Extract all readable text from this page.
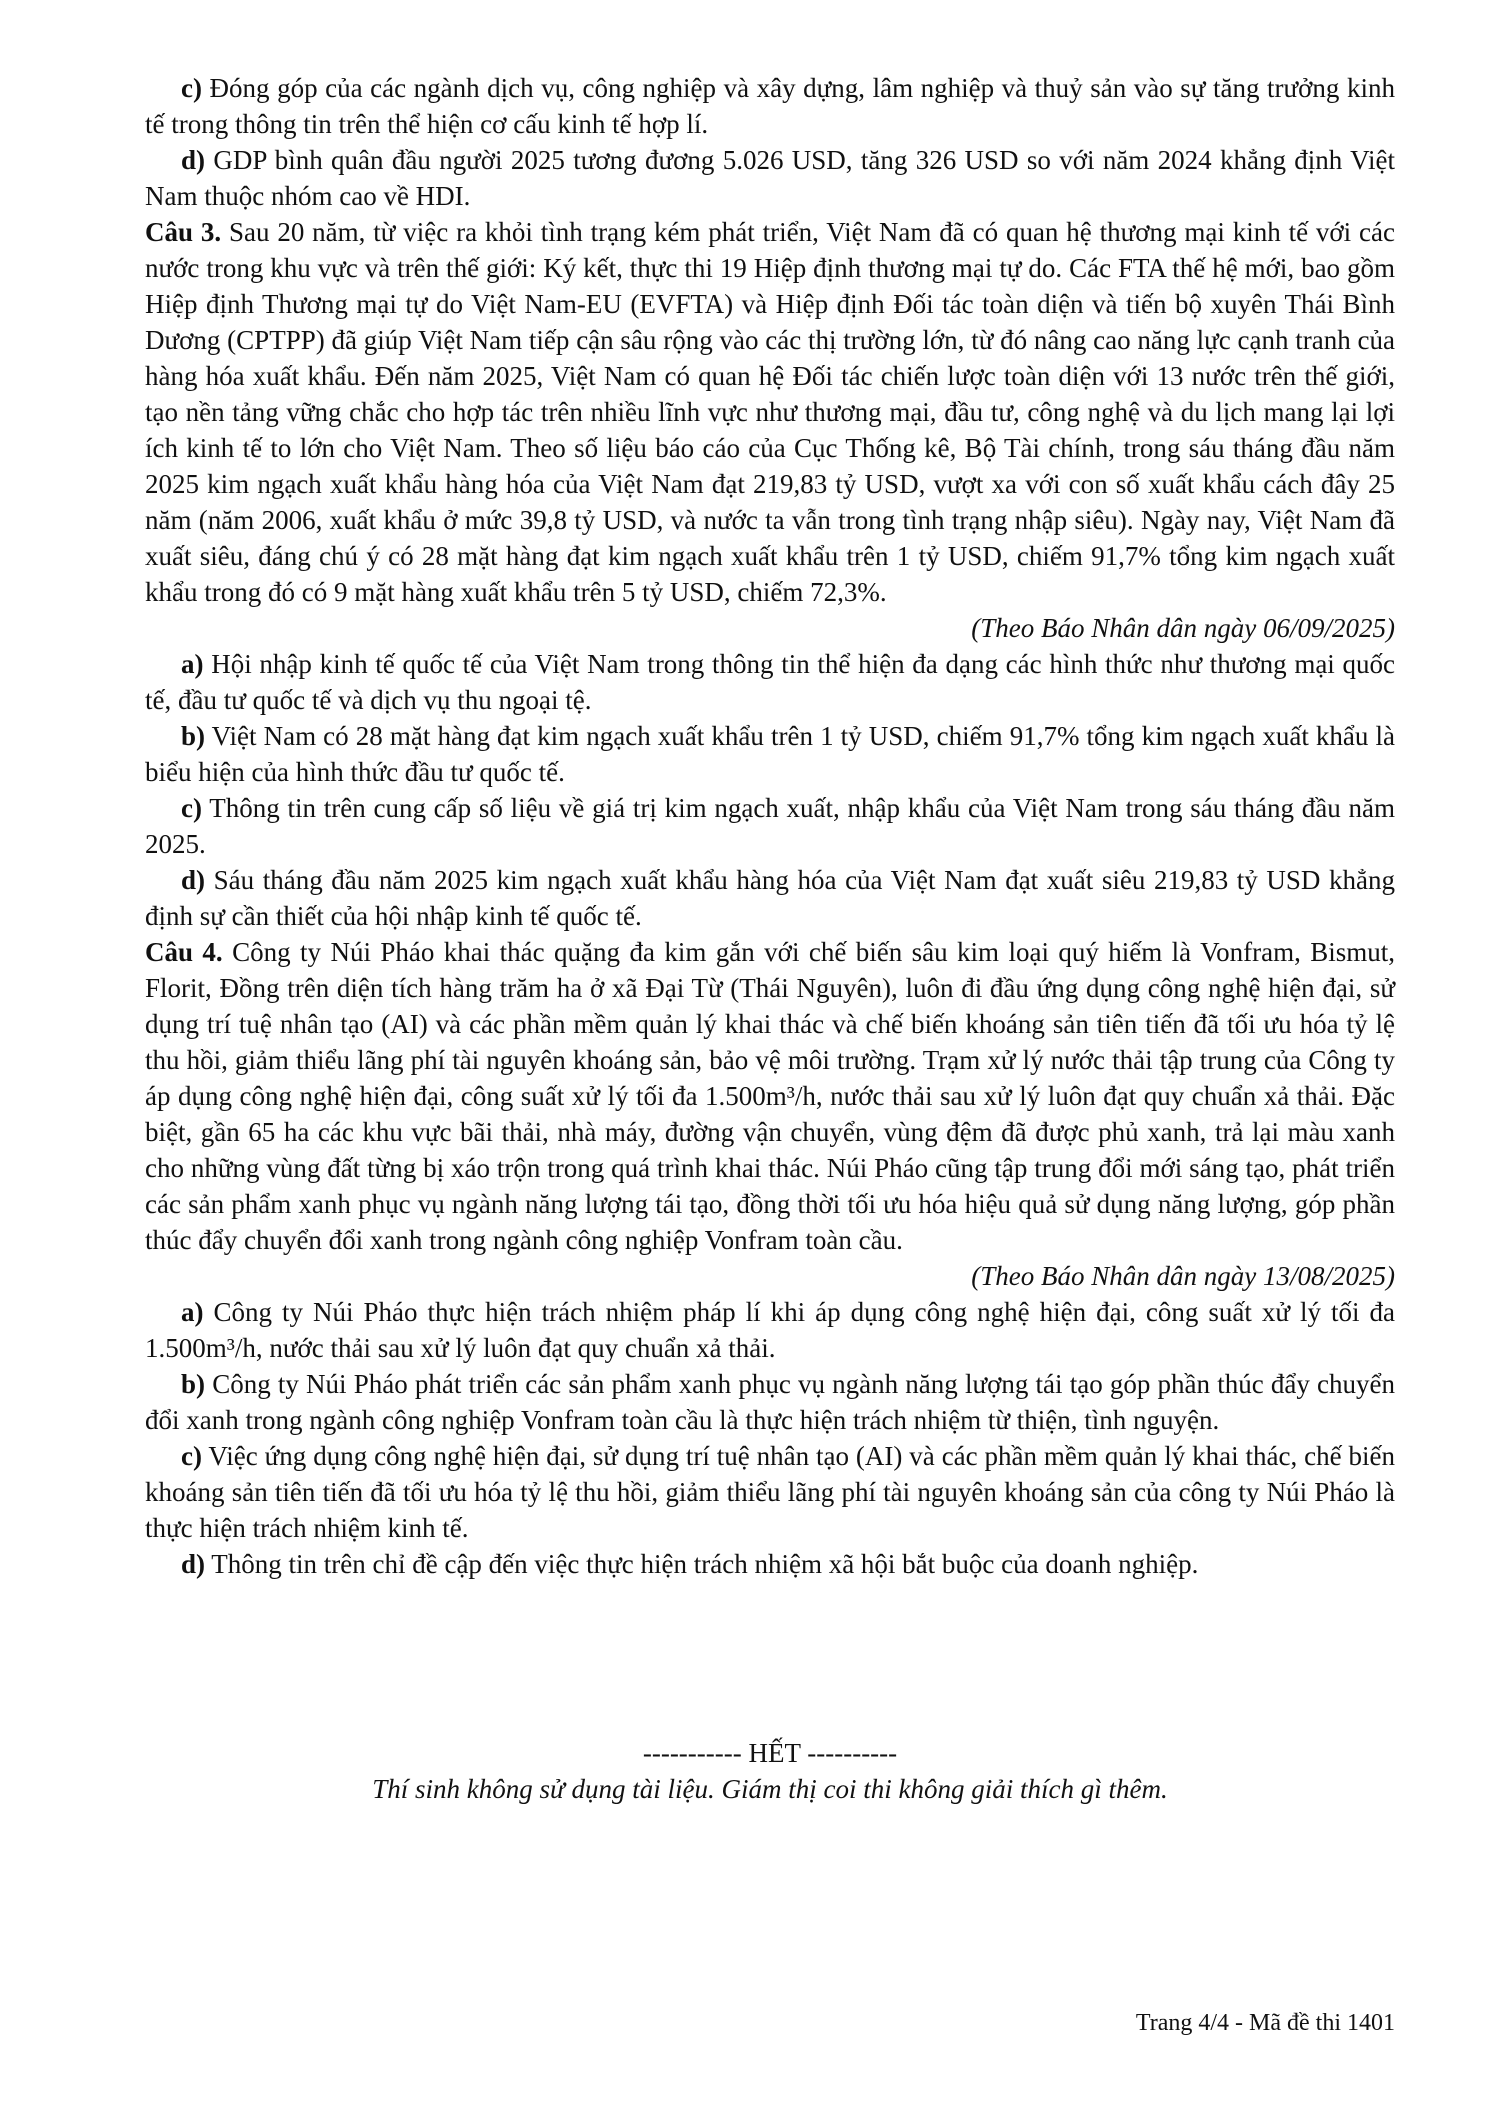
c) Đóng góp của các ngành dịch vụ, công nghiệp và xây dựng, lâm nghiệp và thuỷ sản vào sự tăng trưởng kinh tế trong thông tin trên thể hiện cơ cấu kinh tế hợp lí.

d) GDP bình quân đầu người 2025 tương đương 5.026 USD, tăng 326 USD so với năm 2024 khẳng định Việt Nam thuộc nhóm cao về HDI.

Câu 3. Sau 20 năm, từ việc ra khỏi tình trạng kém phát triển, Việt Nam đã có quan hệ thương mại kinh tế với các nước trong khu vực và trên thế giới: Ký kết, thực thi 19 Hiệp định thương mại tự do. Các FTA thế hệ mới, bao gồm Hiệp định Thương mại tự do Việt Nam-EU (EVFTA) và Hiệp định Đối tác toàn diện và tiến bộ xuyên Thái Bình Dương (CPTPP) đã giúp Việt Nam tiếp cận sâu rộng vào các thị trường lớn, từ đó nâng cao năng lực cạnh tranh của hàng hóa xuất khẩu. Đến năm 2025, Việt Nam có quan hệ Đối tác chiến lược toàn diện với 13 nước trên thế giới, tạo nền tảng vững chắc cho hợp tác trên nhiều lĩnh vực như thương mại, đầu tư, công nghệ và du lịch mang lại lợi ích kinh tế to lớn cho Việt Nam. Theo số liệu báo cáo của Cục Thống kê, Bộ Tài chính, trong sáu tháng đầu năm 2025 kim ngạch xuất khẩu hàng hóa của Việt Nam đạt 219,83 tỷ USD, vượt xa với con số xuất khẩu cách đây 25 năm (năm 2006, xuất khẩu ở mức 39,8 tỷ USD, và nước ta vẫn trong tình trạng nhập siêu). Ngày nay, Việt Nam đã xuất siêu, đáng chú ý có 28 mặt hàng đạt kim ngạch xuất khẩu trên 1 tỷ USD, chiếm 91,7% tổng kim ngạch xuất khẩu trong đó có 9 mặt hàng xuất khẩu trên 5 tỷ USD, chiếm 72,3%.

(Theo Báo Nhân dân ngày 06/09/2025)

a) Hội nhập kinh tế quốc tế của Việt Nam trong thông tin thể hiện đa dạng các hình thức như thương mại quốc tế, đầu tư quốc tế và dịch vụ thu ngoại tệ.

b) Việt Nam có 28 mặt hàng đạt kim ngạch xuất khẩu trên 1 tỷ USD, chiếm 91,7% tổng kim ngạch xuất khẩu là biểu hiện của hình thức đầu tư quốc tế.

c) Thông tin trên cung cấp số liệu về giá trị kim ngạch xuất, nhập khẩu của Việt Nam trong sáu tháng đầu năm 2025.

d) Sáu tháng đầu năm 2025 kim ngạch xuất khẩu hàng hóa của Việt Nam đạt xuất siêu 219,83 tỷ USD khẳng định sự cần thiết của hội nhập kinh tế quốc tế.

Câu 4. Công ty Núi Pháo khai thác quặng đa kim gắn với chế biến sâu kim loại quý hiếm là Vonfram, Bismut, Florit, Đồng trên diện tích hàng trăm ha ở xã Đại Từ (Thái Nguyên), luôn đi đầu ứng dụng công nghệ hiện đại, sử dụng trí tuệ nhân tạo (AI) và các phần mềm quản lý khai thác và chế biến khoáng sản tiên tiến đã tối ưu hóa tỷ lệ thu hồi, giảm thiểu lãng phí tài nguyên khoáng sản, bảo vệ môi trường. Trạm xử lý nước thải tập trung của Công ty áp dụng công nghệ hiện đại, công suất xử lý tối đa 1.500m³/h, nước thải sau xử lý luôn đạt quy chuẩn xả thải. Đặc biệt, gần 65 ha các khu vực bãi thải, nhà máy, đường vận chuyển, vùng đệm đã được phủ xanh, trả lại màu xanh cho những vùng đất từng bị xáo trộn trong quá trình khai thác. Núi Pháo cũng tập trung đổi mới sáng tạo, phát triển các sản phẩm xanh phục vụ ngành năng lượng tái tạo, đồng thời tối ưu hóa hiệu quả sử dụng năng lượng, góp phần thúc đẩy chuyển đổi xanh trong ngành công nghiệp Vonfram toàn cầu.

(Theo Báo Nhân dân ngày 13/08/2025)

a) Công ty Núi Pháo thực hiện trách nhiệm pháp lí khi áp dụng công nghệ hiện đại, công suất xử lý tối đa 1.500m³/h, nước thải sau xử lý luôn đạt quy chuẩn xả thải.

b) Công ty Núi Pháo phát triển các sản phẩm xanh phục vụ ngành năng lượng tái tạo góp phần thúc đẩy chuyển đổi xanh trong ngành công nghiệp Vonfram toàn cầu là thực hiện trách nhiệm từ thiện, tình nguyện.

c) Việc ứng dụng công nghệ hiện đại, sử dụng trí tuệ nhân tạo (AI) và các phần mềm quản lý khai thác, chế biến khoáng sản tiên tiến đã tối ưu hóa tỷ lệ thu hồi, giảm thiểu lãng phí tài nguyên khoáng sản của công ty Núi Pháo là thực hiện trách nhiệm kinh tế.

d) Thông tin trên chỉ đề cập đến việc thực hiện trách nhiệm xã hội bắt buộc của doanh nghiệp.

----------- HẾT ----------

Thí sinh không sử dụng tài liệu. Giám thị coi thi không giải thích gì thêm.

Trang 4/4 - Mã đề thi 1401
